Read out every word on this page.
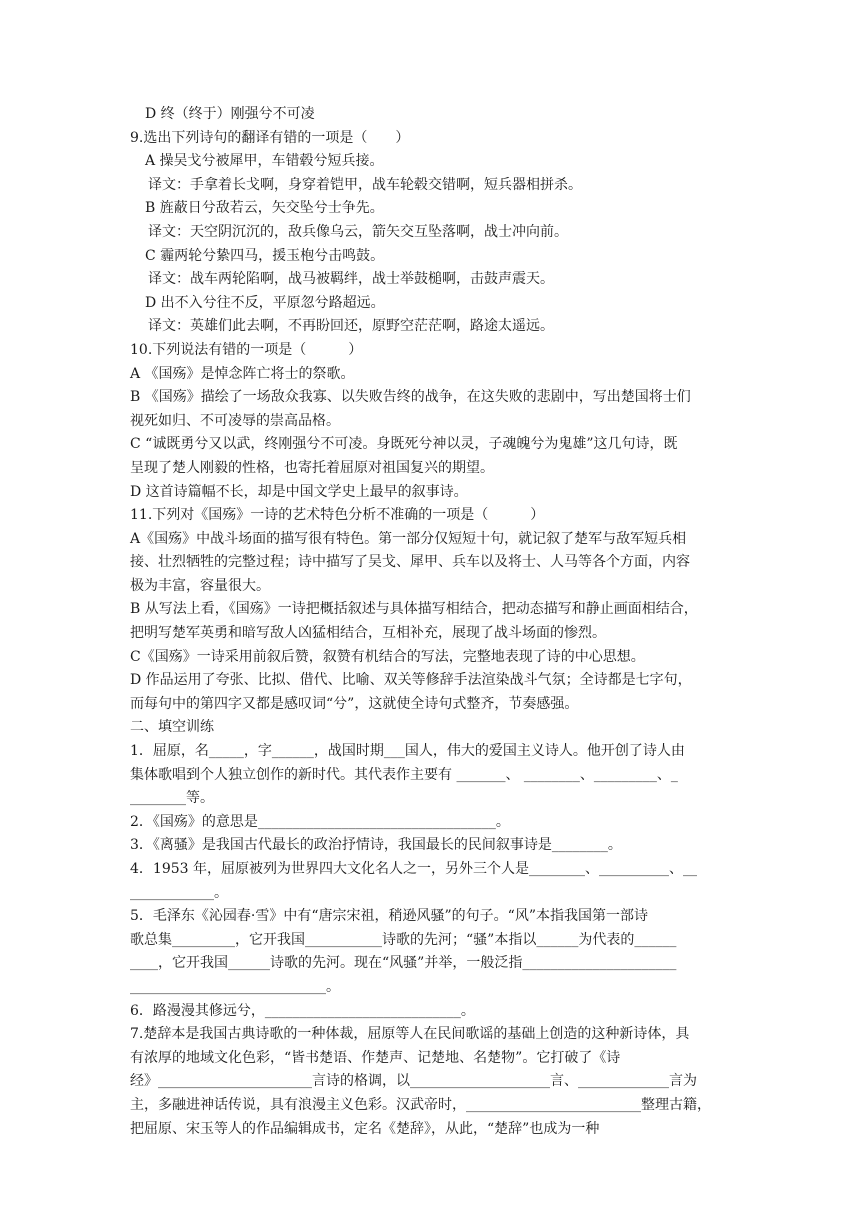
D 终（终于）刚强兮不可凌
9.选出下列诗句的翻译有错的一项是（　　）
A 操吴戈兮被犀甲，车错毂兮短兵接。
译文：手拿着长戈啊，身穿着铠甲，战车轮毂交错啊，短兵器相拼杀。
B 旌蔽日兮敌若云，矢交坠兮士争先。
译文：天空阴沉沉的，敌兵像乌云，箭矢交互坠落啊，战士冲向前。
C 霾两轮兮絷四马，援玉枹兮击鸣鼓。
译文：战车两轮陷啊，战马被羁绊，战士举鼓槌啊，击鼓声震天。
D 出不入兮往不反，平原忽兮路超远。
译文：英雄们此去啊，不再盼回还，原野空茫茫啊，路途太遥远。
10.下列说法有错的一项是（　　　）
A 《国殇》是悼念阵亡将士的祭歌。
B 《国殇》描绘了一场敌众我寡、以失败告终的战争，在这失败的悲剧中，写出楚国将士们
视死如归、不可凌辱的崇高品格。
C “诚既勇兮又以武，终刚强兮不可凌。身既死兮神以灵，子魂魄兮为鬼雄”这几句诗，既
呈现了楚人刚毅的性格，也寄托着屈原对祖国复兴的期望。
D 这首诗篇幅不长，却是中国文学史上最早的叙事诗。
11.下列对《国殇》一诗的艺术特色分析不准确的一项是（　　　）
A《国殇》中战斗场面的描写很有特色。第一部分仅短短十句，就记叙了楚军与敌军短兵相
接、壮烈牺牲的完整过程；诗中描写了吴戈、犀甲、兵车以及将士、人马等各个方面，内容
极为丰富，容量很大。
B 从写法上看，《国殇》一诗把概括叙述与具体描写相结合，把动态描写和静止画面相结合，
把明写楚军英勇和暗写敌人凶猛相结合，互相补充，展现了战斗场面的惨烈。
C《国殇》一诗采用前叙后赞，叙赞有机结合的写法，完整地表现了诗的中心思想。
D 作品运用了夸张、比拟、借代、比喻、双关等修辞手法渲染战斗气氛；全诗都是七字句，
而每句中的第四字又都是感叹词“兮”，这就使全诗句式整齐，节奏感强。
二、填空训练
1．屈原，名_____，字______，战国时期___国人，伟大的爱国主义诗人。他开创了诗人由
集体歌唱到个人独立创作的新时代。其代表作主要有 _______、 ________、_________、_
________等。
2．《国殇》的意思是__________________________________。
3．《离骚》是我国古代最长的政治抒情诗，我国最长的民间叙事诗是________。
4．1953 年，屈原被列为世界四大文化名人之一，另外三个人是________、__________、__
____________。
5．毛泽东《沁园春·雪》中有“唐宗宋祖，稍逊风骚”的句子。“风”本指我国第一部诗
歌总集_________，它开我国___________诗歌的先河；“骚”本指以______为代表的______
____，它开我国______诗歌的先河。现在“风骚”并举，一般泛指______________________
____________________________。
6．路漫漫其修远兮，____________________________。
7.楚辞本是我国古典诗歌的一种体裁，屈原等人在民间歌谣的基础上创造的这种新诗体，具
有浓厚的地域文化色彩，“皆书楚语、作楚声、记楚地、名楚物”。它打破了《诗
经》______________________言诗的格调，以____________________言、_____________言为
主，多融进神话传说，具有浪漫主义色彩。汉武帝时，_________________________整理古籍，
把屈原、宋玉等人的作品编辑成书，定名《楚辞》，从此，“楚辞”也成为一种
